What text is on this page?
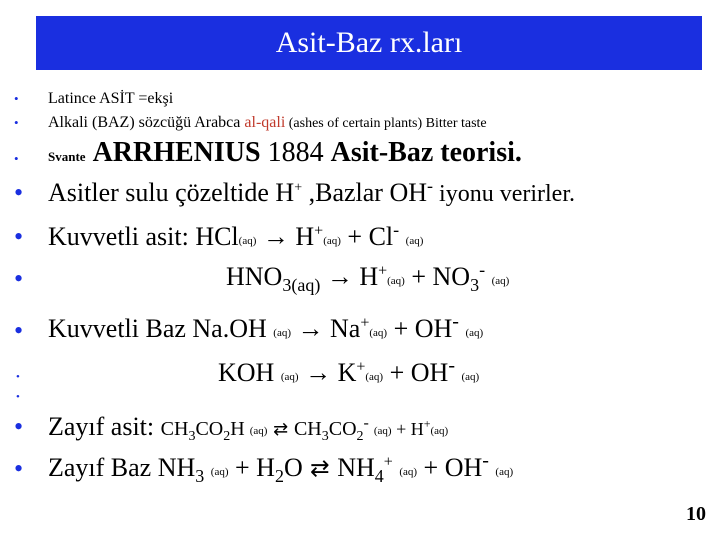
Asit-Baz rx.ları
• Latince ASİT =ekşi
• Alkali (BAZ) sözcüğü Arabca al-qali (ashes of certain plants) Bitter taste
• Svante ARRHENIUS 1884 Asit-Baz teorisi.
• Asitler sulu çözeltide H+ ,Bazlar OH- iyonu verirler.
• Kuvvetli asit: HCl(aq) → H+(aq) + Cl- (aq)
•	$HNO_{3(aq)} \to H^+(aq) + NO_3^-$ (aq)
• Kuvvetli Baz Na.OH (aq) → Na+(aq) + OH- (aq)
•	KOH (aq) → K+(aq) + OH- (aq)
•
• Zayıf asit: $CH_3CO_2H$ (aq) ⇄ $CH_3CO_2^-$ (aq) + H+(aq)
• Zayıf Baz $NH_3$ $(aq) + H_2O$ ⇄ $NH_4^+$ (aq) + OH- (aq)
10
